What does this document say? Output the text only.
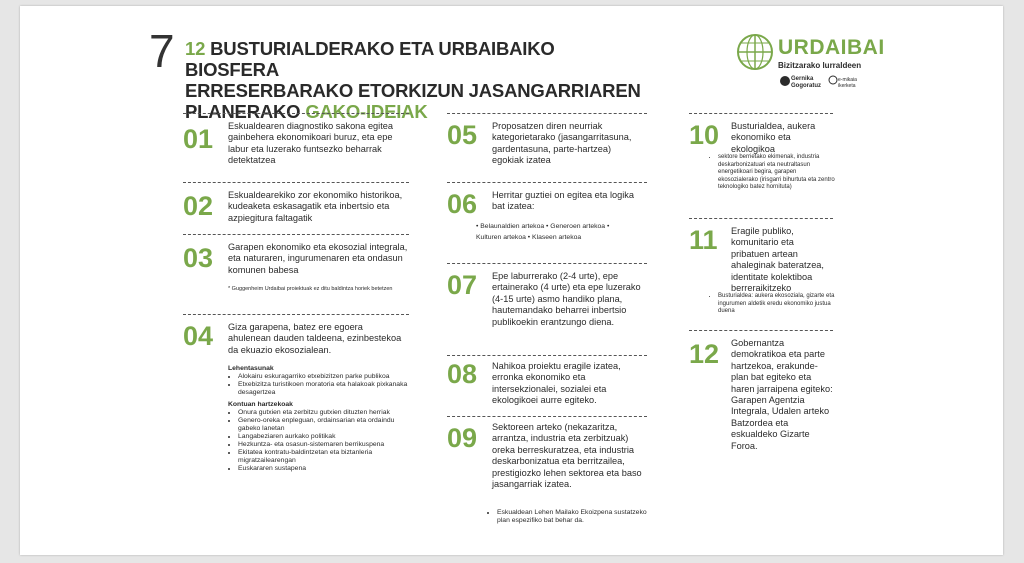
7 12 BUSTURIALDERAKO ETA URBAIBAIKO BIOSFERA
ERRESERBARAKO ETORKIZUN JASANGARRIAREN
PLANERAKO GAKO-IDEIAK
URDAIBAI
Bizitzarako lurraldeen
Gernika Gogoratuz
e-mikaia ikerketa
01 Eskualdearen diagnostiko sakona egitea gainbehera ekonomikoari buruz, eta epe labur eta luzerako funtsezko beharrak detektatzea
02 Eskualdearekiko zor ekonomiko historikoa, kudeaketa eskasagatik eta inbertsio eta azpiegitura faltagatik
03 Garapen ekonomiko eta ekosozial integrala, eta naturaren, ingurumenaren eta ondasun komunen babesa
* Guggenheim Urdaibai proiektuak ez ditu baldintza horiek betetzen
04 Giza garapena, batez ere egoera ahulenean dauden taldeena, ezinbestekoa da ekuazio ekosozialean.
Lehentasunak
• Alokairu eskuragarriko etxebizitzen parke publikoa
• Etxebizitza turistikoen moratoria eta halakoak pixkanaka desagertzea
Kontuan hartzekoak
• Onura gutxien eta zerbitzu gutxien dituzten herriak
• Genero-oreka enpleguan, ordainsarian eta ordaindu gabeko lanetan
• Langabeziaren aurkako politikak
• Hezkuntza- eta osasun-sistemaren berrikuspena
• Ekitatea kontratu-baldintzetan eta biztanleria migratzailearengan
• Euskararen sustapena
05 Proposatzen diren neurriak kategorietarako (jasangarritasuna, gardentasuna, parte-hartzea) egokiak izatea
06 Herritar guztiei on egitea eta logika bat izatea:
• Belaunaldien artekoa • Generoen artekoa • Kulturen artekoa • Klaseen artekoa
07 Epe laburrerako (2-4 urte), epe ertainerako (4 urte) eta epe luzerako (4-15 urte) asmo handiko plana, hautemandako beharrei inbertsio publikoekin erantzungo diena.
08 Nahikoa proiektu eragile izatea, erronka ekonomiko eta intersekzionalei, sozialei eta ekologikoei aurre egiteko.
09 Sektoreen arteko (nekazaritza, arrantza, industria eta zerbitzuak) oreka berreskuratzea, eta industria deskarbonizatua eta berritzailea, prestigiozko lehen sektorea eta baso jasangarriak izatea.
• Eskualdean Lehen Mailako Ekoizpena sustatzeko plan espezifiko bat behar da.
10 Busturialdea, aukera ekonomiko eta ekologikoa
• sektore berrietako ekimenak, industria deskarbonizatuari eta neutraltasun energetikoari begira, garapen ekosozialerako (irisgarri bihurtuta eta zentro teknologiko batez hornituta)
11 Eragile publiko, komunitario eta pribatuen artean ahaleginak bateratzea, identitate kolektiboa berreraikitzeko
• Busturialdea: aukera ekosoziala, gizarte eta ingurumen aldetik eredu ekonomiko justua duena
12 Gobernantza demokratikoa eta parte hartzekoa, erakunde-plan bat egiteko eta haren jarraipena egiteko: Garapen Agentzia Integrala, Udalen arteko Batzordea eta eskualdeko Gizarte Foroa.
